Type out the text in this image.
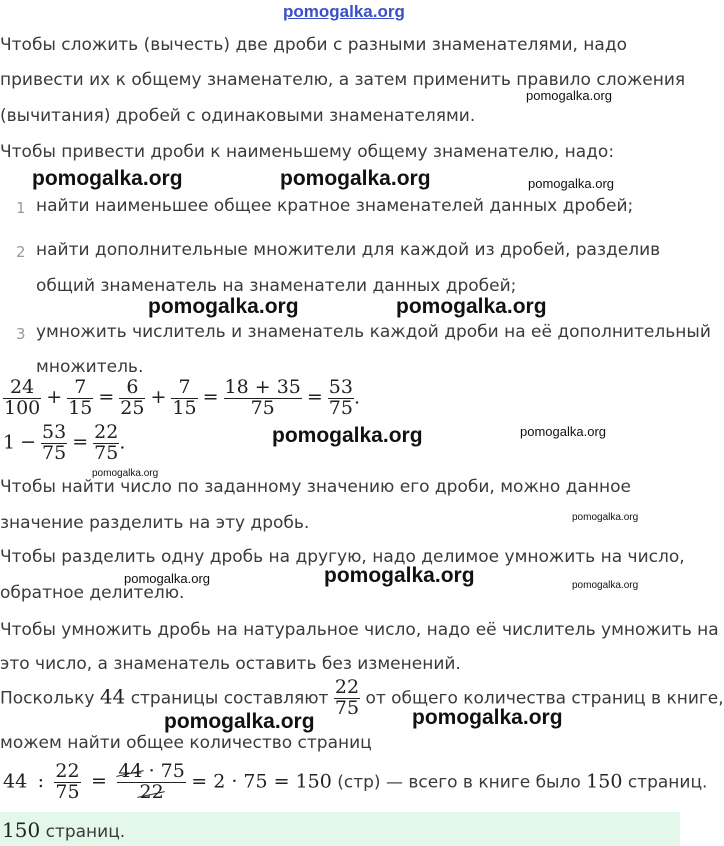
pomogalka.org
Чтобы сложить (вычесть) две дроби с разными знаменателями, надо
привести их к общему знаменателю, а затем применить правило сложения
(вычитания) дробей с одинаковыми знаменателями.
pomogalka.org
Чтобы привести дроби к наименьшему общему знаменателю, надо:
pomogalka.org	pomogalka.org	pomogalka.org
1 найти наименьшее общее кратное знаменателей данных дробей;
2 найти дополнительные множители для каждой из дробей, разделив
общий знаменатель на знаменатели данных дробей;
pomogalka.org	pomogalka.org
3 умножить числитель и знаменатель каждой дроби на её дополнительный
множитель.
$\frac{24}{100} + \frac{7}{15} = \frac{6}{25} + \frac{7}{15} = \frac{18 + 35}{75} = \frac{53}{75}$ .
$1 - \frac{53}{75} = \frac{22}{75}$ .	pomogalka.org	pomogalka.org
pomogalka.org
Чтобы найти число по заданному значению его дроби, можно данное
значение разделить на эту дробь.	pomogalka.org
Чтобы разделить одну дробь на другую, надо делимое умножить на число,
обратное делителю.
pomogalka.org	pomogalka.org	pomogalka.org
Чтобы умножить дробь на натуральное число, надо её числитель умножить на
это число, а знаменатель оставить без изменений.
Поскольку 44 страницы составляют $\frac{22}{75}$ от общего количества страниц в книге,
pomogalka.org	pomogalka.org
можем найти общее количество страниц
44 : $\frac{22}{75} = \frac{44 \cdot 75}{22} = 2 \cdot 75 = 150$ (стр) — всего в книге было 150 страниц.
150 страниц.
